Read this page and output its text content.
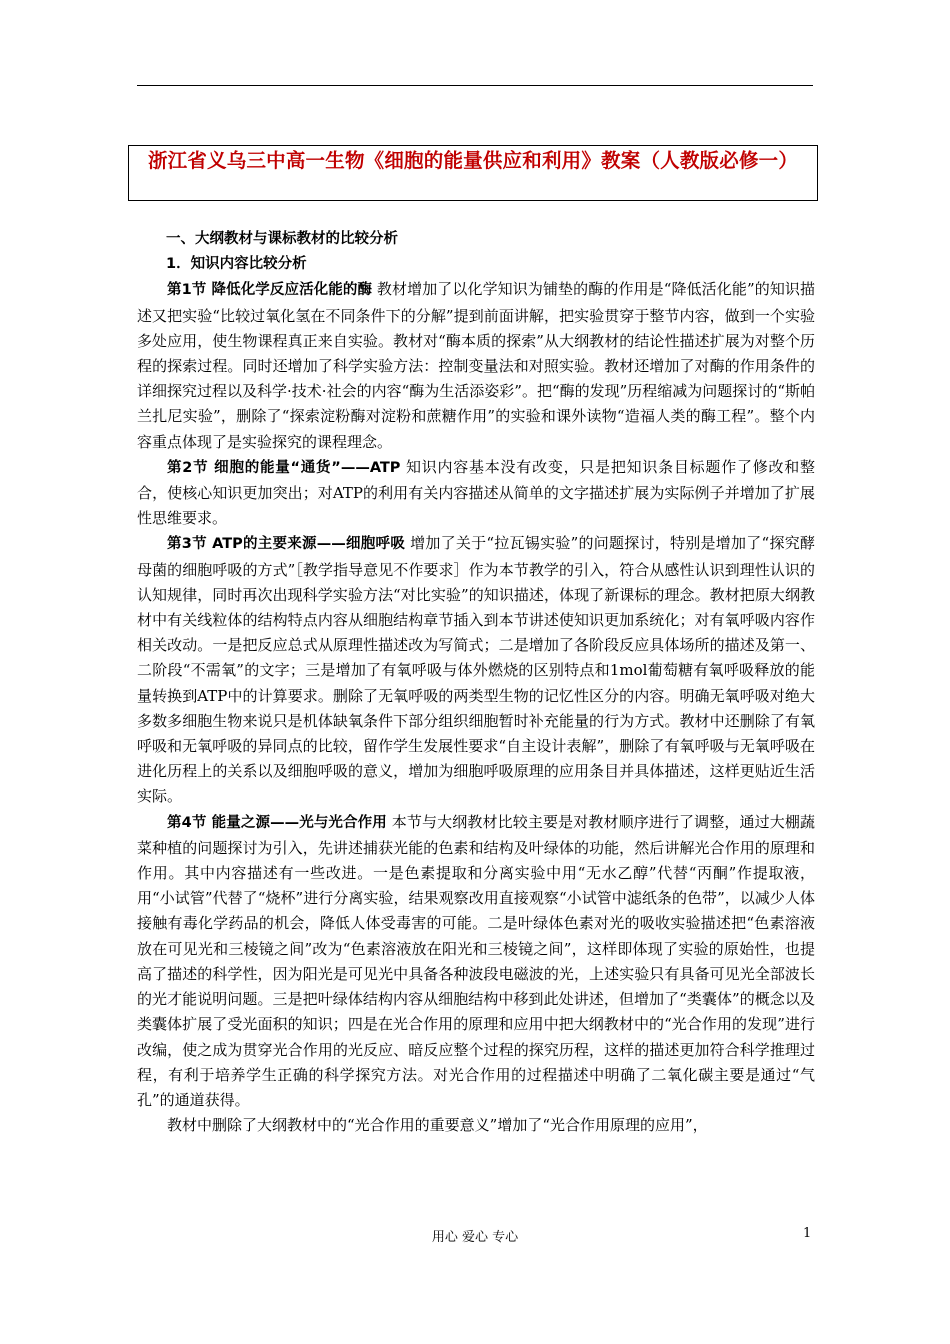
浙江省义乌三中高一生物《细胞的能量供应和利用》教案（人教版必修一）
一、大纲教材与课标教材的比较分析
1．知识内容比较分析

第1节 降低化学反应活化能的酶 教材增加了以化学知识为铺垫的酶的作用是“降低活化能”的知识描述又把实验“比较过氧化氢在不同条件下的分解”提到前面讲解，把实验贯穿于整节内容，做到一个实验多处应用，使生物课程真正来自实验。教材对“酶本质的探索”从大纲教材的结论性描述扩展为对整个历程的探索过程。同时还增加了科学实验方法：控制变量法和对照实验。教材还增加了对酶的作用条件的详细探究过程以及科学·技术·社会的内容“酶为生活添姿彩”。把“酶的发现”历程缩减为问题探讨的“斯帕兰扎尼实验”，删除了“探索淀粉酶对淀粉和蔗糖作用”的实验和课外读物“造福人类的酶工程”。整个内容重点体现了是实验探究的课程理念。

第2节 细胞的能量“通货”——ATP 知识内容基本没有改变，只是把知识条目标题作了修改和整合，使核心知识更加突出；对ATP的利用有关内容描述从简单的文字描述扩展为实际例子并增加了扩展性思维要求。

第3节 ATP的主要来源——细胞呼吸 增加了关于“拉瓦锡实验”的问题探讨，特别是增加了“探究酵母菌的细胞呼吸的方式”［教学指导意见不作要求］作为本节教学的引入，符合从感性认识到理性认识的认知规律，同时再次出现科学实验方法“对比实验”的知识描述，体现了新课标的理念。教材把原大纲教材中有关线粒体的结构特点内容从细胞结构章节插入到本节讲述使知识更加系统化；对有氧呼吸内容作相关改动。一是把反应总式从原理性描述改为写简式；二是增加了各阶段反应具体场所的描述及第一、二阶段“不需氧”的文字；三是增加了有氧呼吸与体外燃烧的区别特点和1mol葡萄糖有氧呼吸释放的能量转换到ATP中的计算要求。删除了无氧呼吸的两类型生物的记忆性区分的内容。明确无氧呼吸对绝大多数多细胞生物来说只是机体缺氧条件下部分组织细胞暂时补充能量的行为方式。教材中还删除了有氧呼吸和无氧呼吸的异同点的比较，留作学生发展性要求“自主设计表解”，删除了有氧呼吸与无氧呼吸在进化历程上的关系以及细胞呼吸的意义，增加为细胞呼吸原理的应用条目并具体描述，这样更贴近生活实际。

第4节 能量之源——光与光合作用 本节与大纲教材比较主要是对教材顺序进行了调整，通过大棚蔬菜种植的问题探讨为引入，先讲述捕获光能的色素和结构及叶绿体的功能，然后讲解光合作用的原理和作用。其中内容描述有一些改进。一是色素提取和分离实验中用“无水乙醇”代替“丙酮”作提取液，用“小试管”代替了“烧杯”进行分离实验，结果观察改用直接观察“小试管中滤纸条的色带”，以减少人体接触有毒化学药品的机会，降低人体受毒害的可能。二是叶绿体色素对光的吸收实验描述把“色素溶液放在可见光和三棱镜之间”改为“色素溶液放在阳光和三棱镜之间”，这样即体现了实验的原始性，也提高了描述的科学性，因为阳光是可见光中具备各种波段电磁波的光，上述实验只有具备可见光全部波长的光才能说明问题。三是把叶绿体结构内容从细胞结构中移到此处讲述，但增加了“类囊体”的概念以及类囊体扩展了受光面积的知识；四是在光合作用的原理和应用中把大纲教材中的“光合作用的发现”进行改编，使之成为贯穿光合作用的光反应、暗反应整个过程的探究历程，这样的描述更加符合科学推理过程，有利于培养学生正确的科学探究方法。对光合作用的过程描述中明确了二氧化碳主要是通过“气孔”的通道获得。

教材中删除了大纲教材中的“光合作用的重要意义”增加了“光合作用原理的应用”，

用心 爱心 专心	1
